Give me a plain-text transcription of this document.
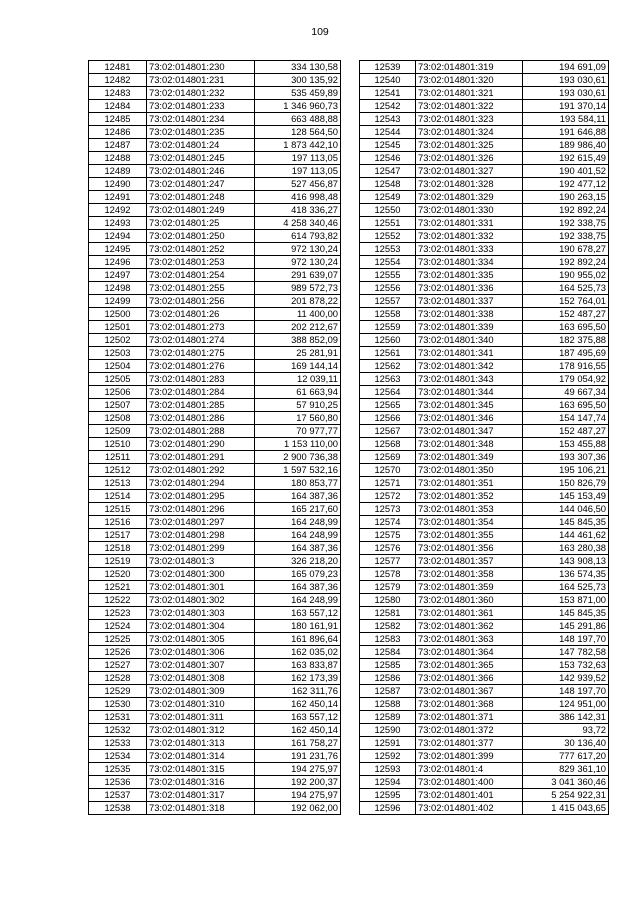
109
12481	73:02:014801:230	334 130,58
12482	73:02:014801:231	300 135,92
12483	73:02:014801:232	535 459,89
12484	73:02:014801:233	1 346 960,73
12485	73:02:014801:234	663 488,88
12486	73:02:014801:235	128 564,50
12487	73:02:014801:24	1 873 442,10
12488	73:02:014801:245	197 113,05
12489	73:02:014801:246	197 113,05
12490	73:02:014801:247	527 456,87
12491	73:02:014801:248	416 998,48
12492	73:02:014801:249	418 336,27
12493	73:02:014801:25	4 258 340,46
12494	73:02:014801:250	614 793,82
12495	73:02:014801:252	972 130,24
12496	73:02:014801:253	972 130,24
12497	73:02:014801:254	291 639,07
12498	73:02:014801:255	989 572,73
12499	73:02:014801:256	201 878,22
12500	73:02:014801:26	11 400,00
12501	73:02:014801:273	202 212,67
12502	73:02:014801:274	388 852,09
12503	73:02:014801:275	25 281,91
12504	73:02:014801:276	169 144,14
12505	73:02:014801:283	12 039,11
12506	73:02:014801:284	61 663,94
12507	73:02:014801:285	57 910,25
12508	73:02:014801:286	17 560,80
12509	73:02:014801:288	70 977,77
12510	73:02:014801:290	1 153 110,00
12511	73:02:014801:291	2 900 736,38
12512	73:02:014801:292	1 597 532,16
12513	73:02:014801:294	180 853,77
12514	73:02:014801:295	164 387,36
12515	73:02:014801:296	165 217,60
12516	73:02:014801:297	164 248,99
12517	73:02:014801:298	164 248,99
12518	73:02:014801:299	164 387,36
12519	73:02:014801:3	326 218,20
12520	73:02:014801:300	165 079,23
12521	73:02:014801:301	164 387,36
12522	73:02:014801:302	164 248,99
12523	73:02:014801:303	163 557,12
12524	73:02:014801:304	180 161,91
12525	73:02:014801:305	161 896,64
12526	73:02:014801:306	162 035,02
12527	73:02:014801:307	163 833,87
12528	73:02:014801:308	162 173,39
12529	73:02:014801:309	162 311,76
12530	73:02:014801:310	162 450,14
12531	73:02:014801:311	163 557,12
12532	73:02:014801:312	162 450,14
12533	73:02:014801:313	161 758,27
12534	73:02:014801:314	191 231,76
12535	73:02:014801:315	194 275,97
12536	73:02:014801:316	192 200,37
12537	73:02:014801:317	194 275,97
12538	73:02:014801:318	192 062,00
12539	73:02:014801:319	194 691,09
12540	73:02:014801:320	193 030,61
12541	73:02:014801:321	193 030,61
12542	73:02:014801:322	191 370,14
12543	73:02:014801:323	193 584,11
12544	73:02:014801:324	191 646,88
12545	73:02:014801:325	189 986,40
12546	73:02:014801:326	192 615,49
12547	73:02:014801:327	190 401,52
12548	73:02:014801:328	192 477,12
12549	73:02:014801:329	190 263,15
12550	73:02:014801:330	192 892,24
12551	73:02:014801:331	192 338,75
12552	73:02:014801:332	192 338,75
12553	73:02:014801:333	190 678,27
12554	73:02:014801:334	192 892,24
12555	73:02:014801:335	190 955,02
12556	73:02:014801:336	164 525,73
12557	73:02:014801:337	152 764,01
12558	73:02:014801:338	152 487,27
12559	73:02:014801:339	163 695,50
12560	73:02:014801:340	182 375,88
12561	73:02:014801:341	187 495,69
12562	73:02:014801:342	178 916,55
12563	73:02:014801:343	179 054,92
12564	73:02:014801:344	49 667,34
12565	73:02:014801:345	163 695,50
12566	73:02:014801:346	154 147,74
12567	73:02:014801:347	152 487,27
12568	73:02:014801:348	153 455,88
12569	73:02:014801:349	193 307,36
12570	73:02:014801:350	195 106,21
12571	73:02:014801:351	150 826,79
12572	73:02:014801:352	145 153,49
12573	73:02:014801:353	144 046,50
12574	73:02:014801:354	145 845,35
12575	73:02:014801:355	144 461,62
12576	73:02:014801:356	163 280,38
12577	73:02:014801:357	143 908,13
12578	73:02:014801:358	136 574,35
12579	73:02:014801:359	164 525,73
12580	73:02:014801:360	153 871,00
12581	73:02:014801:361	145 845,35
12582	73:02:014801:362	145 291,86
12583	73:02:014801:363	148 197,70
12584	73:02:014801:364	147 782,58
12585	73:02:014801:365	153 732,63
12586	73:02:014801:366	142 939,52
12587	73:02:014801:367	148 197,70
12588	73:02:014801:368	124 951,00
12589	73:02:014801:371	386 142,31
12590	73:02:014801:372	93,72
12591	73:02:014801:377	30 136,40
12592	73:02:014801:399	777 617,20
12593	73:02:014801:4	829 361,10
12594	73:02:014801:400	3 041 360,46
12595	73:02:014801:401	5 254 922,31
12596	73:02:014801:402	1 415 043,65
